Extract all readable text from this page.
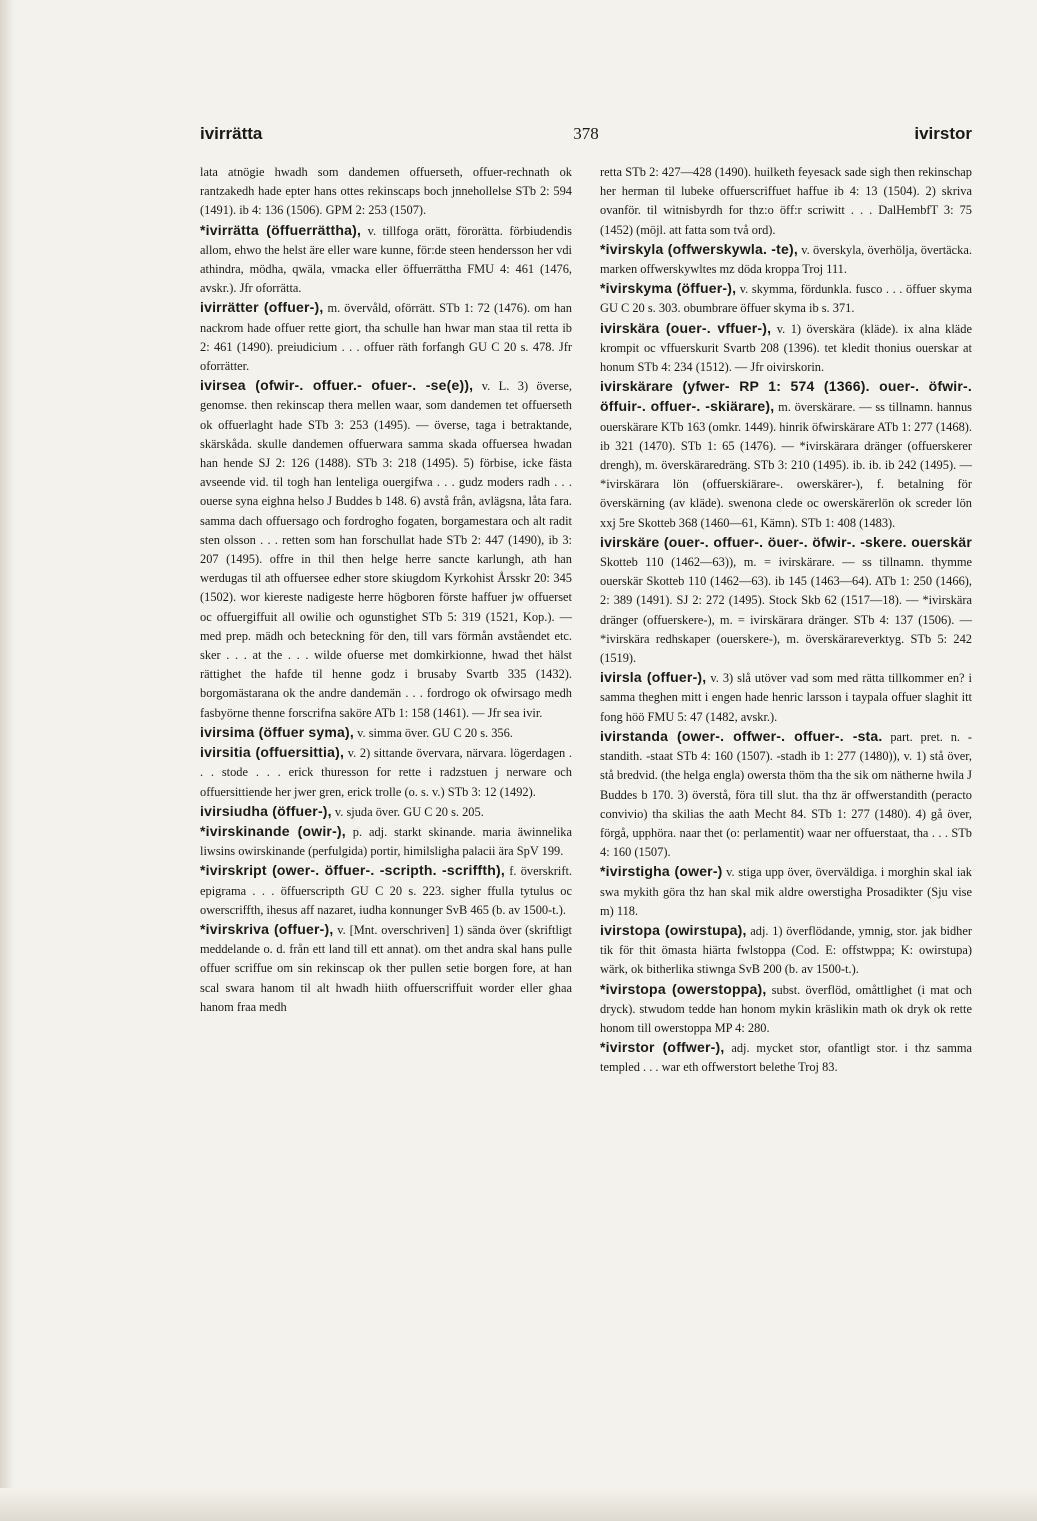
ivirrätta	378	ivirstor

lata atnögie hwadh som dandemen offuerseth, offuer-rechnath ok rantzakedh hade epter hans ottes rekinscaps boch jnnehollelse STb 2: 594 (1491). ib 4: 136 (1506). GPM 2: 253 (1507).

*ivirrätta (öffuerrättha), v. tillfoga orätt, förorätta. förbiudendis allom, ehwo the helst äre eller ware kunne, för:de steen hendersson her vdi athindra, mödha, qwäla, vmacka eller öffuerrättha FMU 4: 461 (1476, avskr.). Jfr oforrätta.

ivirrätter (offuer-), m. övervåld, oförrätt. STb 1: 72 (1476). om han nackrom hade offuer rette giort, tha schulle han hwar man staa til retta ib 2: 461 (1490). preiudicium . . . offuer räth forfangh GU C 20 s. 478. Jfr oforrätter.

ivirsea (ofwir-. offuer.- ofuer-. -se(e)), v. L. 3) överse, genomse. then rekinscap thera mellen waar, som dandemen tet offuerseth ok offuerlaght hade STb 3: 253 (1495). — överse, taga i betraktande, skärskåda. skulle dandemen offuerwara samma skada offuersea hwadan han hende SJ 2: 126 (1488). STb 3: 218 (1495). 5) förbise, icke fästa avseende vid. til togh han lenteliga ouergifwa . . . gudz moders radh . . . ouerse syna eighna helso J Buddes b 148. 6) avstå från, avlägsna, låta fara. samma dach offuersago och fordrogho fogaten, borgamestara och alt radit sten olsson . . . retten som han forschullat hade STb 2: 447 (1490), ib 3: 207 (1495). offre in thil then helge herre sancte karlungh, ath han werdugas til ath offuersee edher store skiugdom Kyrkohist Årsskr 20: 345 (1502). wor kiereste nadigeste herre högboren förste haffuer jw offuerset oc offuergiffuit all owilie och ogunstighet STb 5: 319 (1521, Kop.). — med prep. mädh och beteckning för den, till vars förmån avståendet etc. sker . . . at the . . . wilde ofuerse met domkirkionne, hwad thet hälst rättighet the hafde til henne godz i brusaby Svartb 335 (1432). borgomästarana ok the andre dandemän . . . fordrogo ok ofwirsago medh fasbyörne thenne forscrifna saköre ATb 1: 158 (1461). — Jfr sea ivir.

ivirsima (öffuer syma), v. simma över. GU C 20 s. 356.

ivirsitia (offuersittia), v. 2) sittande övervara, närvara. lögerdagen . . . stode . . . erick thuresson for rette i radzstuen j nerware och offuersittiende her jwer gren, erick trolle (o. s. v.) STb 3: 12 (1492).

ivirsiudha (öffuer-), v. sjuda över. GU C 20 s. 205.

*ivirskinande (owir-), p. adj. starkt skinande. maria äwinnelika liwsins owirskinande (perfulgida) portir, himilsligha palacii ära SpV 199.

*ivirskript (ower-. öffuer-. -scripth. -scriffth), f. överskrift. epigrama . . . öffuerscripth GU C 20 s. 223. sigher ffulla tytulus oc owerscriffth, ihesus aff nazaret, iudha konnunger SvB 465 (b. av 1500-t.).

*ivirskriva (offuer-), v. [Mnt. overschriven] 1) sända över (skriftligt meddelande o. d. från ett land till ett annat). om thet andra skal hans pulle offuer scriffue om sin rekinscap ok ther pullen setie borgen fore, at han scal swara hanom til alt hwadh hiith offuerscriffuit worder eller ghaa hanom fraa medh

retta STb 2: 427—428 (1490). huilketh feyesack sade sigh then rekinschap her herman til lubeke offuerscriffuet haffue ib 4: 13 (1504). 2) skriva ovanför. til witnisbyrdh for thz:o öff:r scriwitt . . . DalHembfT 3: 75 (1452) (möjl. att fatta som två ord).

*ivirskyla (offwerskywla. -te), v. överskyla, överhölja, övertäcka. marken offwerskywltes mz döda kroppa Troj 111.

*ivirskyma (öffuer-), v. skymma, fördunkla. fusco . . . öffuer skyma GU C 20 s. 303. obumbrare öffuer skyma ib s. 371.

ivirskära (ouer-. vffuer-), v. 1) överskära (kläde). ix alna kläde krompit oc vffuerskurit Svartb 208 (1396). tet kledit thonius ouerskar at honum STb 4: 234 (1512). — Jfr oivirskorin.

ivirskärare (yfwer- RP 1: 574 (1366). ouer-. öfwir-. öffuir-. offuer-. -skiärare), m. överskärare. — ss tillnamn. hannus ouerskärare KTb 163 (omkr. 1449). hinrik öfwirskärare ATb 1: 277 (1468). ib 321 (1470). STb 1: 65 (1476). — *ivirskärara dränger (offuerskerer drengh), m. överskäraredräng. STb 3: 210 (1495). ib. ib. ib 242 (1495). — *ivirskärara lön (offuerskiärare-. owerskärer-), f. betalning för överskärning (av kläde). swenona clede oc owerskärerlön ok screder lön xxj 5re Skotteb 368 (1460—61, Kämn). STb 1: 408 (1483).

ivirskäre (ouer-. offuer-. öuer-. öfwir-. -skere. ouerskär Skotteb 110 (1462—63)), m. = ivirskärare. — ss tillnamn. thymme ouerskär Skotteb 110 (1462—63). ib 145 (1463—64). ATb 1: 250 (1466), 2: 389 (1491). SJ 2: 272 (1495). Stock Skb 62 (1517—18). — *ivirskära dränger (offuerskere-), m. = ivirskärara dränger. STb 4: 137 (1506). — *ivirskära redhskaper (ouerskere-), m. överskärareverktyg. STb 5: 242 (1519).

ivirsla (offuer-), v. 3) slå utöver vad som med rätta tillkommer en? i samma theghen mitt i engen hade henric larsson i taypala offuer slaghit itt fong höö FMU 5: 47 (1482, avskr.).

ivirstanda (ower-. offwer-. offuer-. -sta. part. pret. n. -standith. -staat STb 4: 160 (1507). -stadh ib 1: 277 (1480)), v. 1) stå över, stå bredvid. (the helga engla) owersta thöm tha the sik om nätherne hwila J Buddes b 170. 3) överstå, föra till slut. tha thz är offwerstandith (peracto convivio) tha skilias the aath Mecht 84. STb 1: 277 (1480). 4) gå över, förgå, upphöra. naar thet (o: perlamentit) waar ner offuerstaat, tha . . . STb 4: 160 (1507).

*ivirstigha (ower-) v. stiga upp över, överväldiga. i morghin skal iak swa mykith göra thz han skal mik aldre owerstigha Prosadikter (Sju vise m) 118.

ivirstopa (owirstupa), adj. 1) överflödande, ymnig, stor. jak bidher tik för thit ömasta hiärta fwlstoppa (Cod. E: offstwppa; K: owirstupa) wärk, ok bitherlika stiwnga SvB 200 (b. av 1500-t.).

*ivirstopa (owerstoppa), subst. överflöd, omåttlighet (i mat och dryck). stwudom tedde han honom mykin kräslikin math ok dryk ok rette honom till owerstoppa MP 4: 280.

*ivirstor (offwer-), adj. mycket stor, ofantligt stor. i thz samma templed . . . war eth offwerstort belethe Troj 83.
